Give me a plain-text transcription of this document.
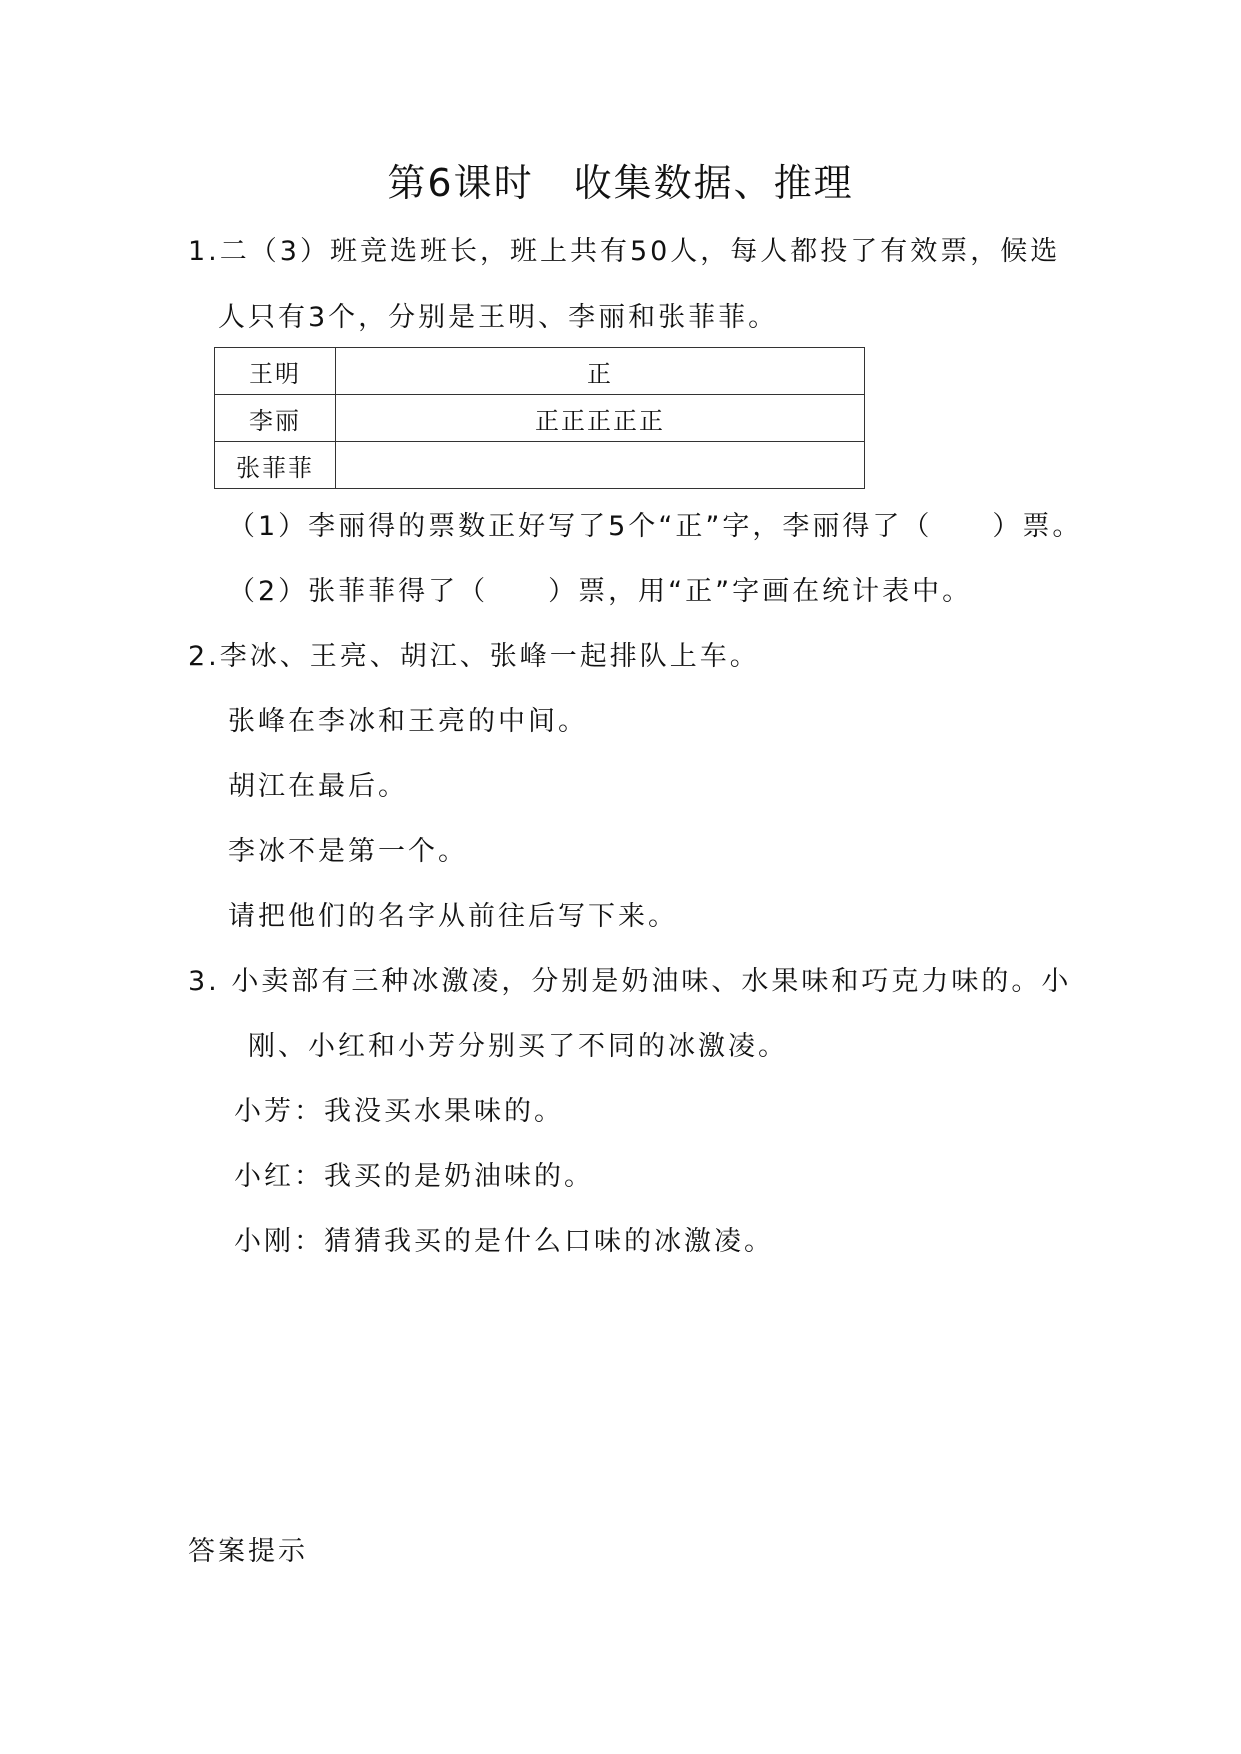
第6课时　收集数据、推理
1.二（3）班竞选班长，班上共有50人，每人都投了有效票，候选
人只有3个，分别是王明、李丽和张菲菲。
王明	正
李丽	正正正正正
张菲菲	
（1）李丽得的票数正好写了5个“正”字，李丽得了（　　）票。
（2）张菲菲得了（　　）票，用“正”字画在统计表中。
2.李冰、王亮、胡江、张峰一起排队上车。
张峰在李冰和王亮的中间。
胡江在最后。
李冰不是第一个。
请把他们的名字从前往后写下来。
3. 小卖部有三种冰激凌，分别是奶油味、水果味和巧克力味的。小
刚、小红和小芳分别买了不同的冰激凌。
小芳：我没买水果味的。
小红：我买的是奶油味的。
小刚：猜猜我买的是什么口味的冰激凌。
答案提示
